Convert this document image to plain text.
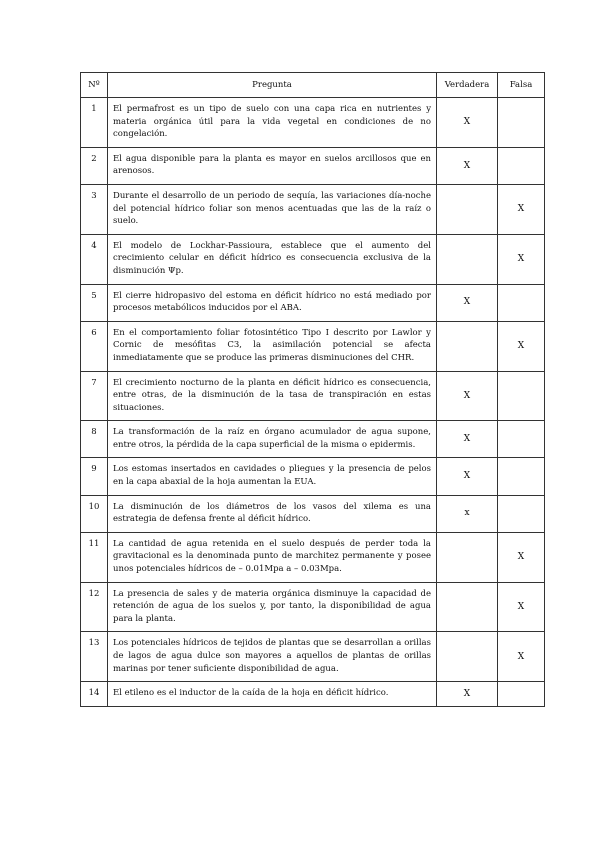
Nº	Pregunta	Verdadera	Falsa
1	El permafrost es un tipo de suelo con una capa rica en nutrientes y materia orgánica útil para la vida vegetal en condiciones de no congelación.	X	
2	El agua disponible para la planta es mayor en suelos arcillosos que en arenosos.	X	
3	Durante el desarrollo de un periodo de sequía, las variaciones día-noche del potencial hídrico foliar son menos acentuadas que las de la raíz o suelo.		X
4	El modelo de Lockhar-Passioura, establece que el aumento del crecimiento celular en déficit hídrico es consecuencia exclusiva de la disminución Ψp.		X
5	El cierre hidropasivo del estoma en déficit hídrico no está mediado por procesos metabólicos inducidos por el ABA.	X	
6	En el comportamiento foliar fotosintético Tipo I descrito por Lawlor y Cornic de mesófitas C3, la asimilación potencial se afecta inmediatamente que se produce las primeras disminuciones del CHR.		X
7	El crecimiento nocturno de la planta en déficit hídrico es consecuencia, entre otras, de la disminución de la tasa de transpiración en estas situaciones.	X	
8	La transformación de la raíz en órgano acumulador de agua supone, entre otros, la pérdida de la capa superficial de la misma o epidermis.	X	
9	Los estomas insertados en cavidades o pliegues y la presencia de pelos en la capa abaxial de la hoja aumentan la EUA.	X	
10	La disminución de los diámetros de los vasos del xilema es una estrategia de defensa frente al déficit hídrico.	x	
11	La cantidad de agua retenida en el suelo después de perder toda la gravitacional es la denominada punto de marchitez permanente y posee unos potenciales hídricos de – 0.01Mpa a – 0.03Mpa.		X
12	La presencia de sales y de materia orgánica disminuye la capacidad de retención de agua de los suelos y, por tanto, la disponibilidad de agua para la planta.		X
13	Los potenciales hídricos de tejidos de plantas que se desarrollan a orillas de lagos de agua dulce son mayores a aquellos de plantas de orillas marinas por tener suficiente disponibilidad de agua.		X
14	El etileno es el inductor de la caída de la hoja en déficit hídrico.	X	
